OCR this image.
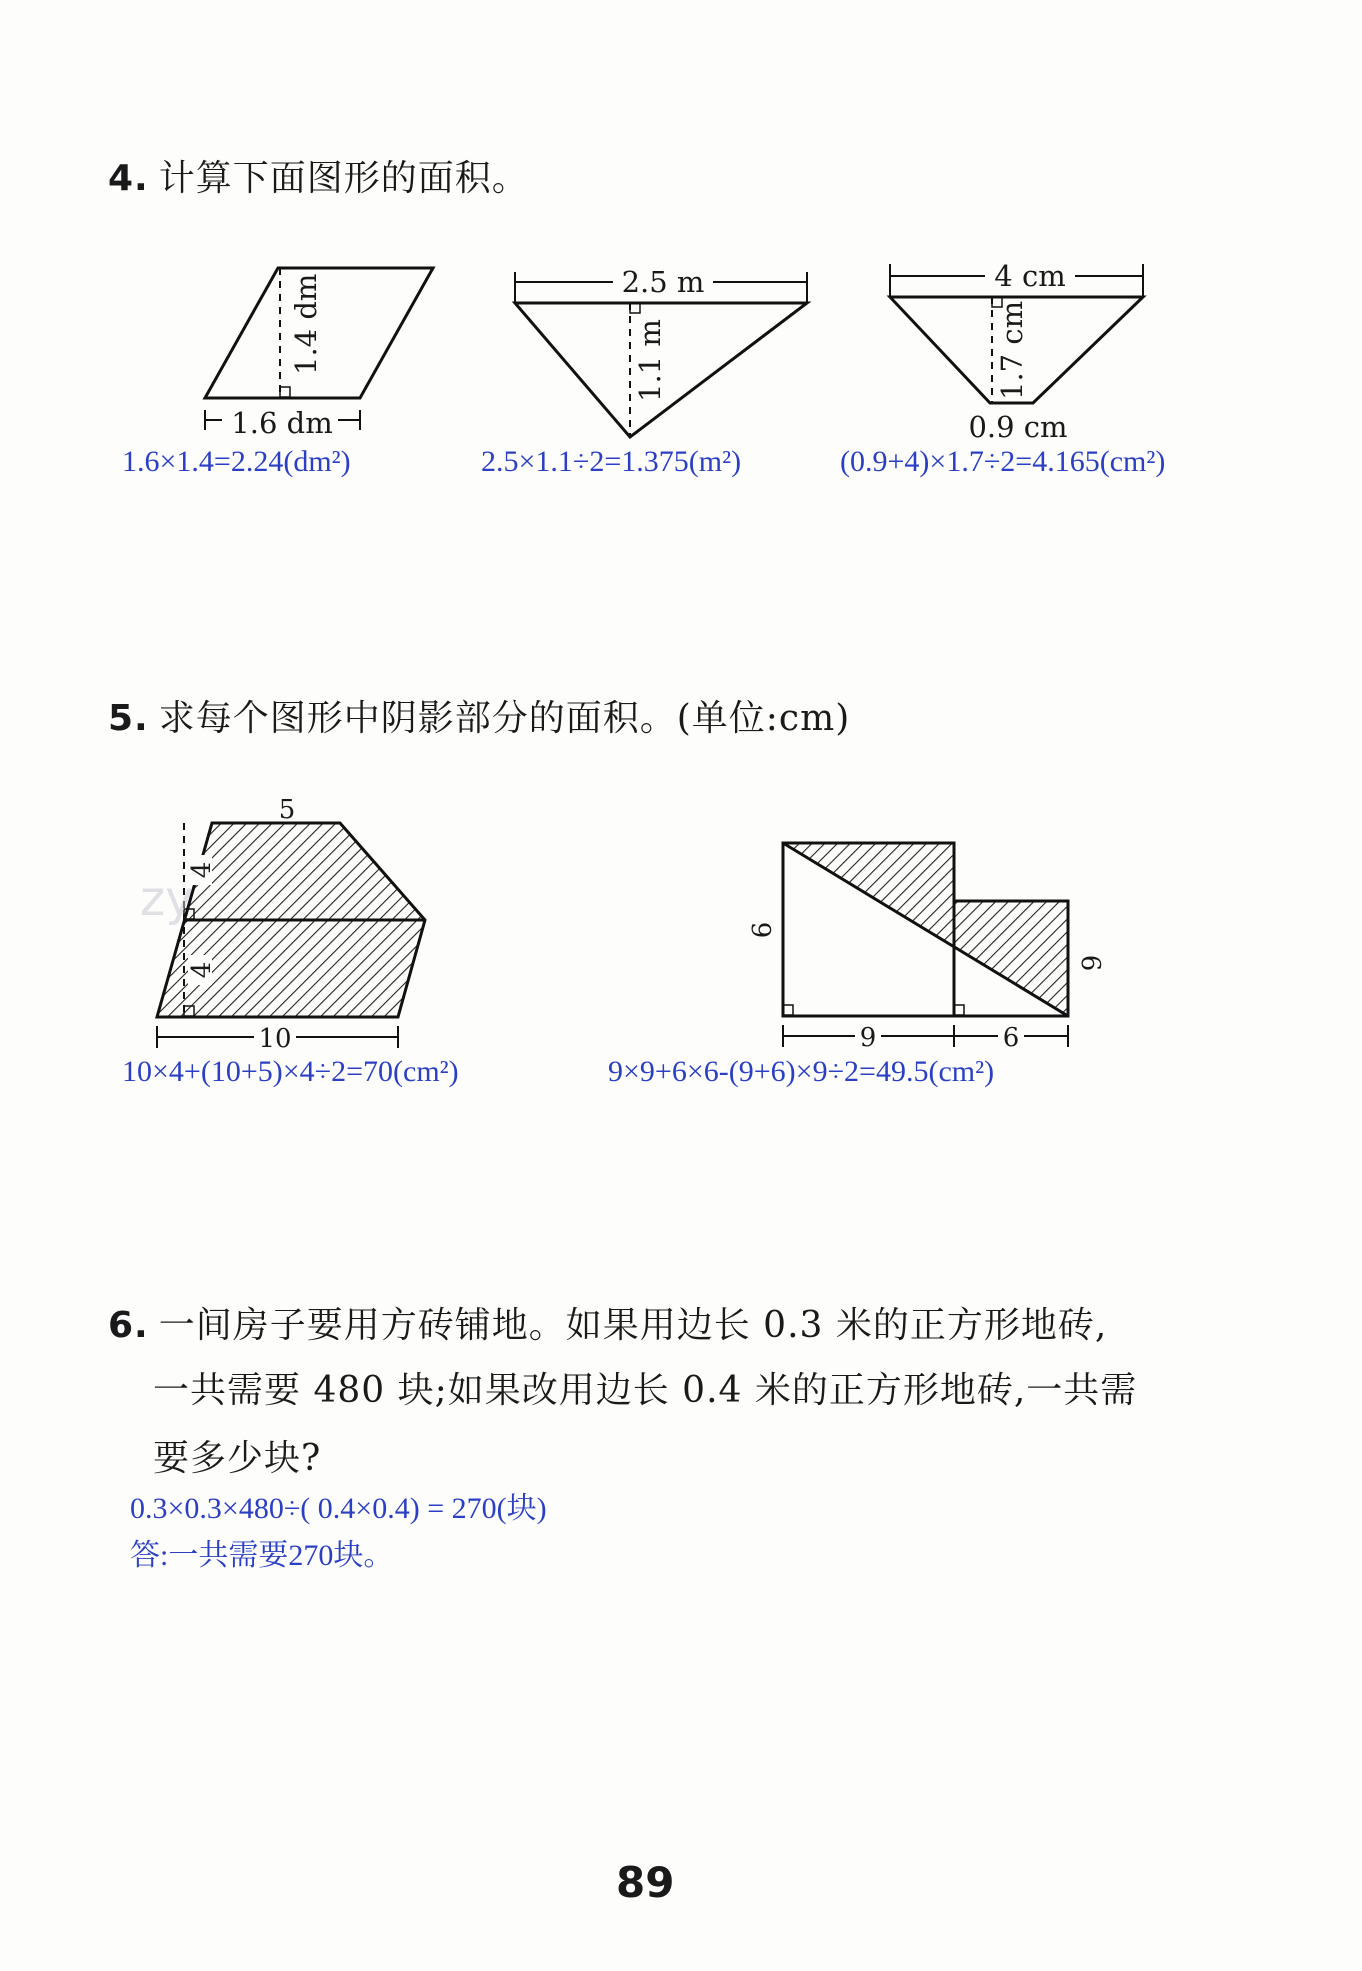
4. 计算下面图形的面积。
1.4 dm
1.6 dm
2.5 m
1.1 m
4 cm
1.7 cm
0.9 cm
1.6×1.4=2.24(dm²)	2.5×1.1÷2=1.375(m²)	(0.9+4)×1.7÷2=4.165(cm²)
5. 求每个图形中阴影部分的面积。(单位:cm)
5
4
4
10
zy
9
6
9	6
10×4+(10+5)×4÷2=70(cm²)	9×9+6×6-(9+6)×9÷2=49.5(cm²)
6. 一间房子要用方砖铺地。如果用边长 0.3 米的正方形地砖,
一共需要 480 块;如果改用边长 0.4 米的正方形地砖,一共需
要多少块?
0.3×0.3×480÷( 0.4×0.4) = 270(块)
答:一共需要270块。
89
